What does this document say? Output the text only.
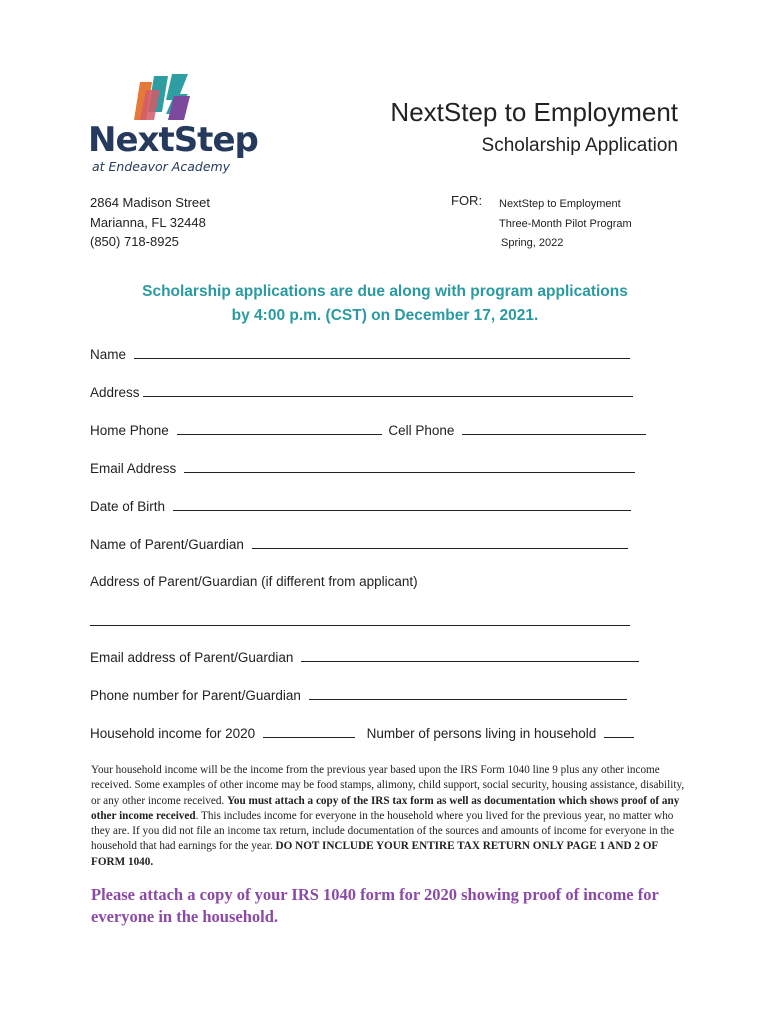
NextStep
at Endeavor Academy
NextStep to Employment
Scholarship Application
2864 Madison Street
Marianna, FL 32448
(850) 718-8925
FOR: NextStep to Employment
Three-Month Pilot Program
Spring, 2022
Scholarship applications are due along with program applications
by 4:00 p.m. (CST) on December 17, 2021.
Name
Address
Home Phone	Cell Phone
Email Address
Date of Birth
Name of Parent/Guardian
Address of Parent/Guardian (if different from applicant)
Email address of Parent/Guardian
Phone number for Parent/Guardian
Household income for 2020	Number of persons living in household
Your household income will be the income from the previous year based upon the IRS Form 1040 line 9 plus any other income received. Some examples of other income may be food stamps, alimony, child support, social security, housing assistance, disability, or any other income received. You must attach a copy of the IRS tax form as well as documentation which shows proof of any other income received. This includes income for everyone in the household where you lived for the previous year, no matter who they are. If you did not file an income tax return, include documentation of the sources and amounts of income for everyone in the household that had earnings for the year. DO NOT INCLUDE YOUR ENTIRE TAX RETURN ONLY PAGE 1 AND 2 OF FORM 1040.
Please attach a copy of your IRS 1040 form for 2020 showing proof of income for everyone in the household.
